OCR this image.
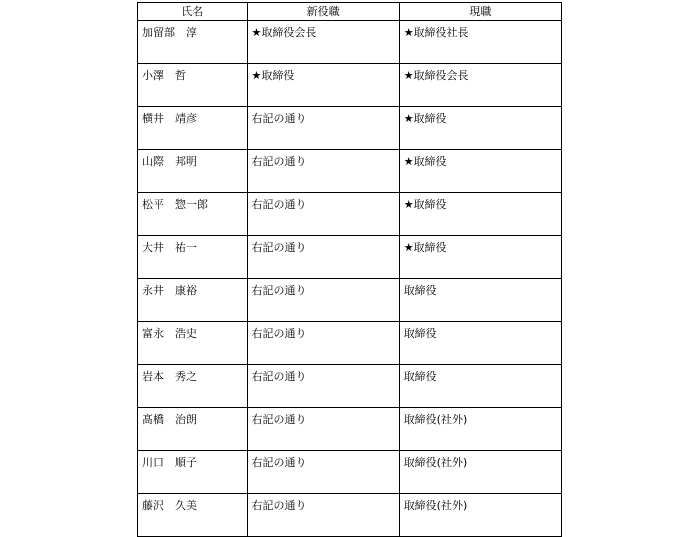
氏名	新役職	現職
加留部　淳	★取締役会長	★取締役社長
小澤　哲	★取締役	★取締役会長
横井　靖彦	右記の通り	★取締役
山際　邦明	右記の通り	★取締役
松平　惣一郎	右記の通り	★取締役
大井　祐一	右記の通り	★取締役
永井　康裕	右記の通り	取締役
富永　浩史	右記の通り	取締役
岩本　秀之	右記の通り	取締役
髙橋　治朗	右記の通り	取締役(社外)
川口　順子	右記の通り	取締役(社外)
藤沢　久美	右記の通り	取締役(社外)
